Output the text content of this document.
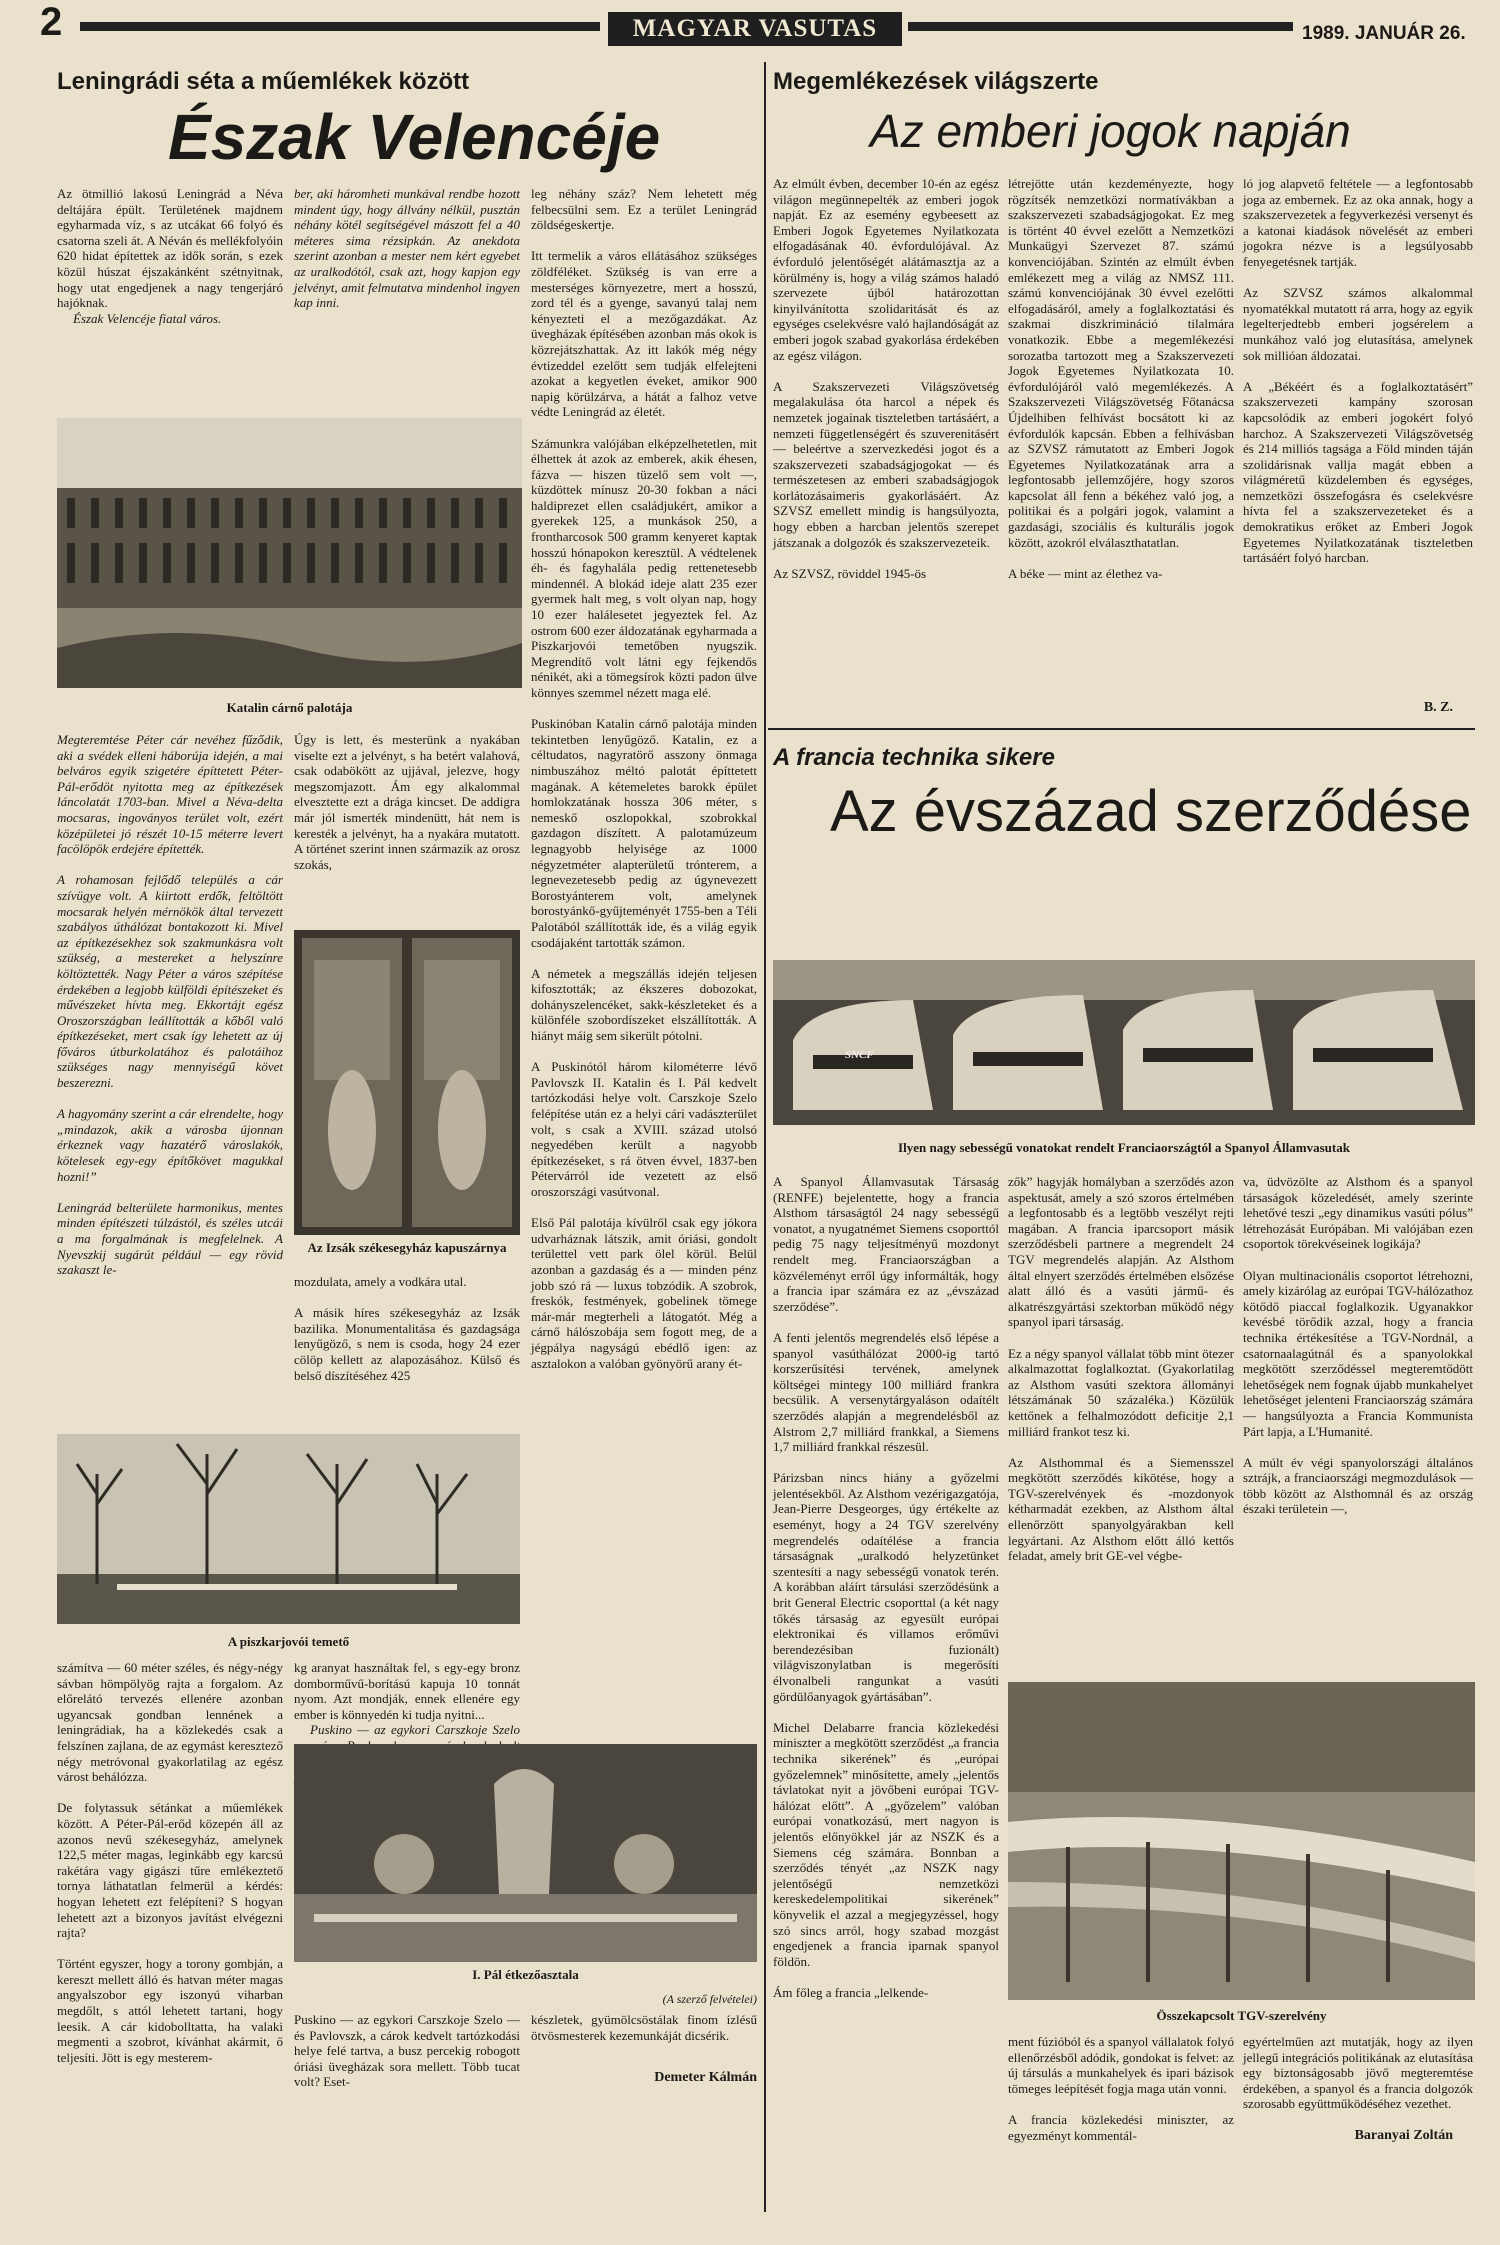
2	MAGYAR VASUTAS	1989. JANUÁR 26.
Leningrádi séta a műemlékek között
Észak Velencéje
Az ötmillió lakosú Leningrád a Néva deltájára épült. Területének majdnem egyharmada víz, s az utcákat 66 folyó és csatorna szeli át. A Néván és mellékfolyóin 620 hidat építettek az idők során, s ezek közül húszat éjszakánként szétnyitnak, hogy utat engedjenek a nagy tengerjáró hajóknak.
Észak Velencéje fiatal város.
ber, aki háromheti munkával rendbe hozott mindent úgy, hogy állvány nélkül, pusztán néhány kötél segítségével mászott fel a 40 méteres sima rézsipkán. Az anekdota szerint azonban a mester nem kért egyebet az uralkodótól, csak azt, hogy kapjon egy jelvényt, amit felmutatva mindenhol ingyen kap inni.
leg néhány száz? Nem lehetett még felbecsülni sem. Ez a terület Leningrád zöldségeskertje.

Itt termelik a város ellátásához szükséges zöldféléket. Szükség is van erre a mesterséges környezetre, mert a hosszú, zord tél és a gyenge, savanyú talaj nem kényezteti el a mezőgazdákat. Az üvegházak építésében azonban más okok is közrejátszhattak. Az itt lakók még négy évtizeddel ezelőtt sem tudják elfelejteni azokat a kegyetlen éveket, amikor 900 napig körülzárva, a hátát a falhoz vetve védte Leningrád az életét.

Számunkra valójában elképzelhetetlen, mit élhettek át azok az emberek, akik éhesen, fázva — hiszen tüzelő sem volt —, küzdöttek mínusz 20-30 fokban a náci haldiprezet ellen családjukért, amikor a gyerekek 125, a munkások 250, a frontharcosok 500 gramm kenyeret kaptak hosszú hónapokon keresztül. A védtelenek éh- és fagyhalála pedig rettenetesebb mindennél. A blokád ideje alatt 235 ezer gyermek halt meg, s volt olyan nap, hogy 10 ezer halálesetet jegyeztek fel. Az ostrom 600 ezer áldozatának egyharmada a Piszkarjovói temetőben nyugszik. Megrendítő volt látni egy fejkendős nénikét, aki a tömegsírok közti padon ülve könnyes szemmel nézett maga elé.

Puskinóban Katalin cárnő palotája minden tekintetben lenyűgöző. Katalin, ez a céltudatos, nagyratörő asszony önmaga nimbuszához méltó palotát építtetett magának. A kétemeletes barokk épület homlokzatának hossza 306 méter, s nemeskő oszlopokkal, szobrokkal gazdagon díszített. A palotamúzeum legnagyobb helyisége az 1000 négyzetméter alapterületű trónterem, a legnevezetesebb pedig az úgynevezett Borostyánterem volt, amelynek borostyánkő-gyűjteményét 1755-ben a Téli Palotából szállították ide, és a világ egyik csodájaként tartották számon.

A németek a megszállás idején teljesen kifosztották; az ékszeres dobozokat, dohányszelencéket, sakk-készleteket és a különféle szobordíszeket elszállították. A hiányt máig sem sikerült pótolni.

A Puskinótól három kilométerre lévő Pavlovszk II. Katalin és I. Pál kedvelt tartózkodási helye volt. Carszkoje Szelo felépítése után ez a helyi cári vadászterület volt, s csak a XVIII. század utolsó negyedében került a nagyobb építkezéseket, s rá ötven évvel, 1837-ben Pétervárról ide vezetett az első oroszországi vasútvonal.

Első Pál palotája kívülről csak egy jókora udvarháznak látszik, amit óriási, gondolt területtel vett park ölel körül. Belül azonban a gazdaság és a — minden pénz jobb szó rá — luxus tobzódik. A szobrok, freskók, festmények, gobelinek tömege már-már megterheli a látogatót. Még a cárnő hálószobája sem fogott meg, de a jégpálya nagyságú ebédlő igen: az asztalokon a valóban gyönyörű arany ét-
Katalin cárnő palotája
Megteremtése Péter cár nevéhez fűződik, aki a svédek elleni háborúja idején, a mai belváros egyik szigetére építtetett Péter-Pál-erődöt nyitotta meg az építkezések láncolatát 1703-ban. Mivel a Néva-delta mocsaras, ingoványos terület volt, ezért középületei jó részét 10-15 méterre levert facölöpök erdejére építették.

A rohamosan fejlődő település a cár szívügye volt. A kiirtott erdők, feltöltött mocsarak helyén mérnökök által tervezett szabályos úthálózat bontakozott ki. Mivel az építkezésekhez sok szakmunkásra volt szükség, a mestereket a helyszínre költöztették. Nagy Péter a város szépítése érdekében a legjobb külföldi építészeket és művészeket hívta meg. Ekkortájt egész Oroszországban leállították a kőből való építkezéseket, mert csak így lehetett az új főváros útburkolatához és palotáihoz szükséges nagy mennyiségű követ beszerezni.

A hagyomány szerint a cár elrendelte, hogy „mindazok, akik a városba újonnan érkeznek vagy hazatérő városlakók, kötelesek egy-egy építőkövet magukkal hozni!”

Leningrád belterülete harmonikus, mentes minden építészeti túlzástól, és széles utcái a ma forgalmának is megfelelnek. A Nyevszkij sugárút például — egy rövid szakaszt le-
Úgy is lett, és mesterünk a nyakában viselte ezt a jelvényt, s ha betért valahová, csak odabökött az ujjával, jelezve, hogy megszomjazott. Ám egy alkalommal elvesztette ezt a drága kincset. De addigra már jól ismerték mindenütt, hát nem is keresték a jelvényt, ha a nyakára mutatott. A történet szerint innen származik az orosz szokás,
Az Izsák székesegyház kapuszárnya
mozdulata, amely a vodkára utal.

A másik híres székesegyház az Izsák bazilika. Monumentalitása és gazdagsága lenyűgöző, s nem is csoda, hogy 24 ezer cölöp kellett az alapozásához. Külső és belső díszítéséhez 425
A piszkarjovói temető
számítva — 60 méter széles, és négy-négy sávban hömpölyög rajta a forgalom. Az előrelátó tervezés ellenére azonban ugyancsak gondban lennének a leningrádiak, ha a közlekedés csak a felszínen zajlana, de az egymást keresztező négy metróvonal gyakorlatilag az egész várost behálózza.

De folytassuk sétánkat a műemlékek között. A Péter-Pál-erőd közepén áll az azonos nevű székesegyház, amelynek 122,5 méter magas, leginkább egy karcsú rakétára vagy gigászi tűre emlékeztető tornya láthatatlan felmerül a kérdés: hogyan lehetett ezt felépíteni? S hogyan lehetett azt a bizonyos javítást elvégezni rajta?

Történt egyszer, hogy a torony gombján, a kereszt mellett álló és hatvan méter magas angyalszobor egy iszonyú viharban megdőlt, s attól lehetett tartani, hogy leesik. A cár kidobolltatta, ha valaki megmenti a szobrot, kívánhat akármit, ő teljesíti. Jött is egy mesterem-
kg aranyat használtak fel, s egy-egy bronz domborművű-borítású kapuja 10 tonnát nyom. Azt mondják, ennek ellenére egy ember is könnyedén ki tudja nyitni...
Puskino — az egykori Carszkoje Szelo
I. Pál étkezőasztala
(A szerző felvételei)
Puskino — az egykori Carszkoje Szelo — és Pavlovszk, a cárok kedvelt tartózkodási helye felé tartva, a busz percekig robogott óriási üvegházak sora mellett. Több tucat volt? Eset-
készletek, gyümölcsöstálak finom ízlésű ötvösmesterek kezemunkáját dicsérik.
Demeter Kálmán
Megemlékezések világszerte
Az emberi jogok napján
Az elmúlt évben, december 10-én az egész világon megünnepelték az emberi jogok napját. Ez az esemény egybeesett az Emberi Jogok Egyetemes Nyilatkozata elfogadásának 40. évfordulójával. Az évforduló jelentőségét alátámasztja az a körülmény is, hogy a világ számos haladó szervezete újból határozottan kinyilvánította szolidaritását és az egységes cselekvésre való hajlandóságát az emberi jogok szabad gyakorlása érdekében az egész világon.

A Szakszervezeti Világszövetség megalakulása óta harcol a népek és nemzetek jogainak tiszteletben tartásáért, a nemzeti függetlenségért és szuverenitásért — beleértve a szervezkedési jogot és a szakszervezeti szabadságjogokat — és természetesen az emberi szabadságjogok korlátozásaimeris gyakorlásáért. Az SZVSZ emellett mindig is hangsúlyozta, hogy ebben a harcban jelentős szerepet játszanak a dolgozók és szakszervezeteik.

Az SZVSZ, röviddel 1945-ös
létrejötte után kezdeményezte, hogy rögzítsék nemzetközi normatívákban a szakszervezeti szabadságjogokat. Ez meg is történt 40 évvel ezelőtt a Nemzetközi Munkaügyi Szervezet 87. számú konvenciójában. Szintén az elmúlt évben emlékezett meg a világ az NMSZ 111. számú konvenciójának 30 évvel ezelőtti elfogadásáról, amely a foglalkoztatási és szakmai diszkrimináció tilalmára vonatkozik. Ebbe a megemlékezési sorozatba tartozott meg a Szakszervezeti Jogok Egyetemes Nyilatkozata 10. évfordulójáról való megemlékezés. A Szakszervezeti Világszövetség Főtanácsa Újdelhiben felhívást bocsátott ki az évfordulók kapcsán. Ebben a felhívásban az SZVSZ rámutatott az Emberi Jogok Egyetemes Nyilatkozatának arra a legfontosabb jellemzőjére, hogy szoros kapcsolat áll fenn a békéhez való jog, a politikai és a polgári jogok, valamint a gazdasági, szociális és kulturális jogok között, azokról elválaszthatatlan.

A béke — mint az élethez va-
ló jog alapvető feltétele — a legfontosabb joga az embernek. Ez az oka annak, hogy a szakszervezetek a fegyverkezési versenyt és a katonai kiadások növelését az emberi jogokra nézve is a legsúlyosabb fenyegetésnek tartják.

Az SZVSZ számos alkalommal nyomatékkal mutatott rá arra, hogy az egyik legelterjedtebb emberi jogsérelem a munkához való jog elutasítása, amelynek sok millióan áldozatai.

A „Békéért és a foglalkoztatásért” szakszervezeti kampány szorosan kapcsolódik az emberi jogokért folyó harchoz. A Szakszervezeti Világszövetség és 214 milliós tagsága a Föld minden táján szolidárisnak vallja magát ebben a világméretű küzdelemben és egységes, nemzetközi összefogásra és cselekvésre hívta fel a szakszervezeteket és a demokratikus erőket az Emberi Jogok Egyetemes Nyilatkozatának tiszteletben tartásáért folyó harcban.
B. Z.
A francia technika sikere
Az évszázad szerződése
SNCF
Ilyen nagy sebességű vonatokat rendelt Franciaországtól a Spanyol Államvasutak
A Spanyol Államvasutak Társaság (RENFE) bejelentette, hogy a francia Alsthom társaságtól 24 nagy sebességű vonatot, a nyugatnémet Siemens csoporttól pedig 75 nagy teljesítményű mozdonyt rendelt meg. Franciaországban a közvéleményt erről úgy informálták, hogy a francia ipar számára ez az „évszázad szerződése”.

A fenti jelentős megrendelés első lépése a spanyol vasúthálózat 2000-ig tartó korszerűsítési tervének, amelynek költségei mintegy 100 milliárd frankra becsülik. A versenytárgyaláson odaítélt szerződés alapján a megrendelésből az Alstrom 2,7 milliárd frankkal, a Siemens 1,7 milliárd frankkal részesül.

Párizsban nincs hiány a győzelmi jelentésekből. Az Alsthom vezérigazgatója, Jean-Pierre Desgeorges, úgy értékelte az eseményt, hogy a 24 TGV szerelvény megrendelés odaítélése a francia társaságnak „uralkodó helyzetünket szentesíti a nagy sebességű vonatok terén. A korábban aláírt társulási szerződésünk a brit General Electric csoporttal (a két nagy tőkés társaság az egyesült európai elektronikai és villamos erőművi berendezésiban fuzionált) világviszonylatban is megerősíti élvonalbeli rangunkat a vasúti gördülőanyagok gyártásában”.

Michel Delabarre francia közlekedési miniszter a megkötött szerződést „a francia technika sikerének” és „európai győzelemnek” minősítette, amely „jelentős távlatokat nyit a jövőbeni európai TGV-hálózat előtt”. A „győzelem” valóban európai vonatkozású, mert nagyon is jelentős előnyökkel jár az NSZK és a Siemens cég számára. Bonnban a szerződés tényét „az NSZK nagy jelentőségű nemzetközi kereskedelempolitikai sikerének” könyvelik el azzal a megjegyzéssel, hogy szó sincs arról, hogy szabad mozgást engedjenek a francia iparnak spanyol földön.

Ám főleg a francia „lelkende-
zők” hagyják homályban a szerződés azon aspektusát, amely a szó szoros értelmében a legfontosabb és a legtöbb veszélyt rejti magában. A francia iparcsoport másik szerződésbeli partnere a megrendelt 24 TGV megrendelés alapján. Az Alsthom által elnyert szerződés értelmében elsőzése alatt álló és a vasúti jármű- és alkatrészgyártási szektorban működő négy spanyol ipari társaság.

Ez a négy spanyol vállalat több mint ötezer alkalmazottat foglalkoztat. (Gyakorlatilag az Alsthom vasúti szektora állományi létszámának 50 százaléka.) Közülük kettőnek a felhalmozódott deficitje 2,1 milliárd frankot tesz ki.

Az Alsthommal és a Siemensszel megkötött szerződés kikötése, hogy a TGV-szerelvények és -mozdonyok kétharmadát ezekben, az Alsthom által ellenőrzött spanyolgyárakban kell legyártani. Az Alsthom előtt álló kettős feladat, amely brit GE-vel végbe-
va, üdvözölte az Alsthom és a spanyol társaságok közeledését, amely szerinte lehetővé teszi „egy dinamikus vasúti pólus” létrehozását Európában. Mi valójában ezen csoportok törekvéseinek logikája?

Olyan multinacionális csoportot létrehozni, amely kizárólag az európai TGV-hálózathoz kötődő piaccal foglalkozik. Ugyanakkor kevésbé törődik azzal, hogy a francia technika értékesítése a TGV-Nordnál, a csatornaalagútnál és a spanyolokkal megkötött szerződéssel megteremtődött lehetőségek nem fognak újabb munkahelyet lehetőséget jelenteni Franciaország számára — hangsúlyozta a Francia Kommunista Párt lapja, a L'Humanité.

A múlt év végi spanyolországi általános sztrájk, a franciaországi megmozdulások — több között az Alsthomnál és az ország északi területein —,
Összekapcsolt TGV-szerelvény
ment fúzióból és a spanyol vállalatok folyó ellenőrzésből adódik, gondokat is felvet: az új társulás a munkahelyek és ipari bázisok tömeges leépítését fogja maga után vonni.

A francia közlekedési miniszter, az egyezményt kommentál-
egyértelműen azt mutatják, hogy az ilyen jellegű integrációs politikának az elutasítása egy biztonságosabb jövő megteremtése érdekében, a spanyol és a francia dolgozók szorosabb együttműködéséhez vezethet.
Baranyai Zoltán
